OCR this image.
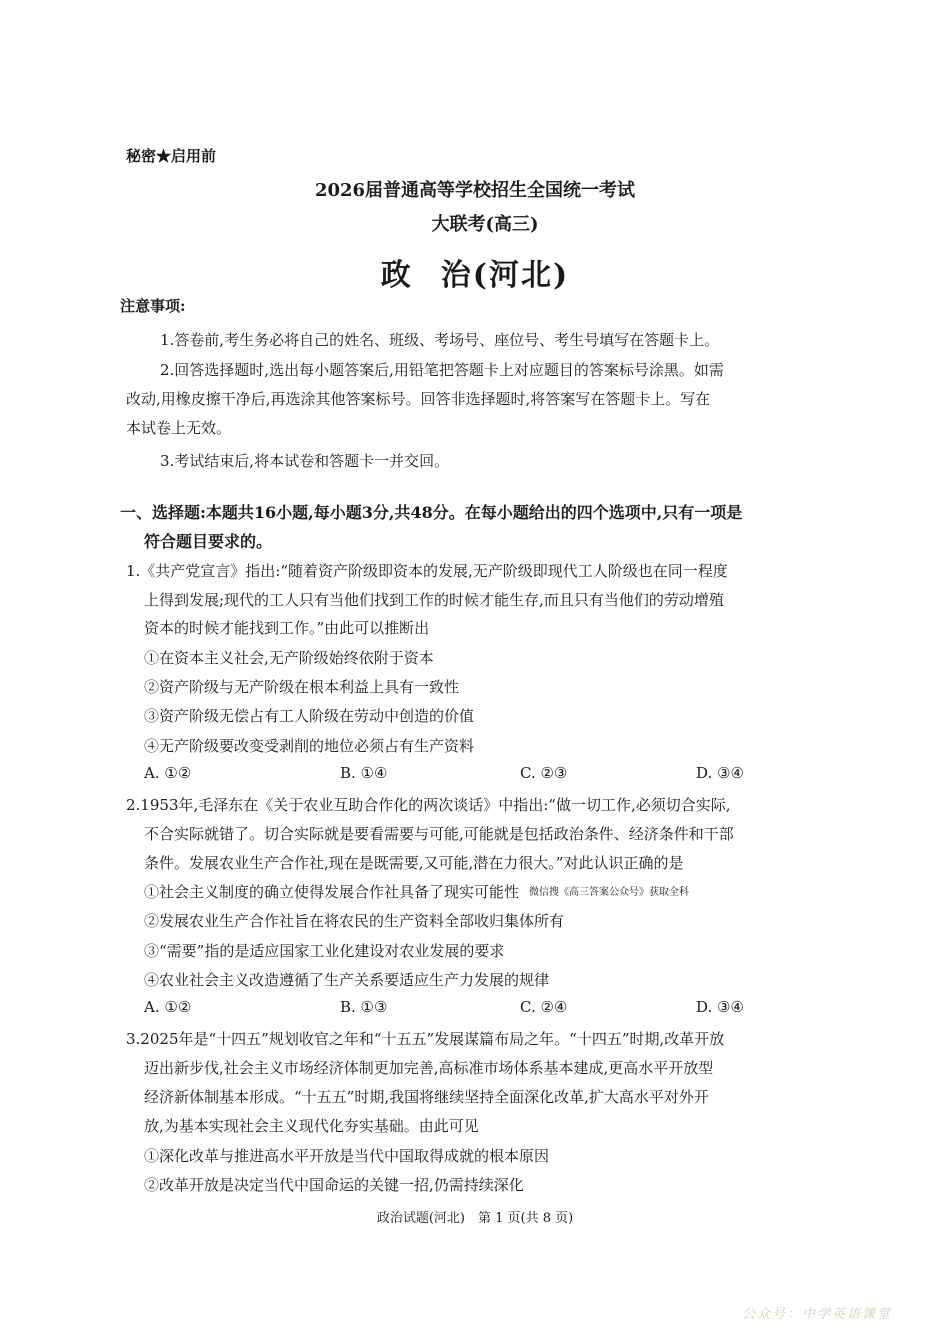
秘密★启用前
2026届普通高等学校招生全国统一考试
大联考(高三)
政 治(河北)
注意事项:
1.答卷前,考生务必将自己的姓名、班级、考场号、座位号、考生号填写在答题卡上。
2.回答选择题时,选出每小题答案后,用铅笔把答题卡上对应题目的答案标号涂黑。如需
改动,用橡皮擦干净后,再选涂其他答案标号。回答非选择题时,将答案写在答题卡上。写在
本试卷上无效。
3.考试结束后,将本试卷和答题卡一并交回。
一、选择题:本题共16小题,每小题3分,共48分。在每小题给出的四个选项中,只有一项是
符合题目要求的。
1.《共产党宣言》指出:“随着资产阶级即资本的发展,无产阶级即现代工人阶级也在同一程度
上得到发展;现代的工人只有当他们找到工作的时候才能生存,而且只有当他们的劳动增殖
资本的时候才能找到工作。”由此可以推断出
①在资本主义社会,无产阶级始终依附于资本
②资产阶级与无产阶级在根本利益上具有一致性
③资产阶级无偿占有工人阶级在劳动中创造的价值
④无产阶级要改变受剥削的地位必须占有生产资料
A. ①②	B. ①④	C. ②③	D. ③④
2.1953年,毛泽东在《关于农业互助合作化的两次谈话》中指出:“做一切工作,必须切合实际,
不合实际就错了。切合实际就是要看需要与可能,可能就是包括政治条件、经济条件和干部
条件。发展农业生产合作社,现在是既需要,又可能,潜在力很大。”对此认识正确的是
①社会主义制度的确立使得发展合作社具备了现实可能性 微信搜《高三答案公众号》获取全科
②发展农业生产合作社旨在将农民的生产资料全部收归集体所有
③“需要”指的是适应国家工业化建设对农业发展的要求
④农业社会主义改造遵循了生产关系要适应生产力发展的规律
A. ①②	B. ①③	C. ②④	D. ③④
3.2025年是“十四五”规划收官之年和“十五五”发展谋篇布局之年。“十四五”时期,改革开放
迈出新步伐,社会主义市场经济体制更加完善,高标准市场体系基本建成,更高水平开放型
经济新体制基本形成。“十五五”时期,我国将继续坚持全面深化改革,扩大高水平对外开
放,为基本实现社会主义现代化夯实基础。由此可见
①深化改革与推进高水平开放是当代中国取得成就的根本原因
②改革开放是决定当代中国命运的关键一招,仍需持续深化
政治试题(河北)　第 1 页(共 8 页)
公众号：中学英语课堂
